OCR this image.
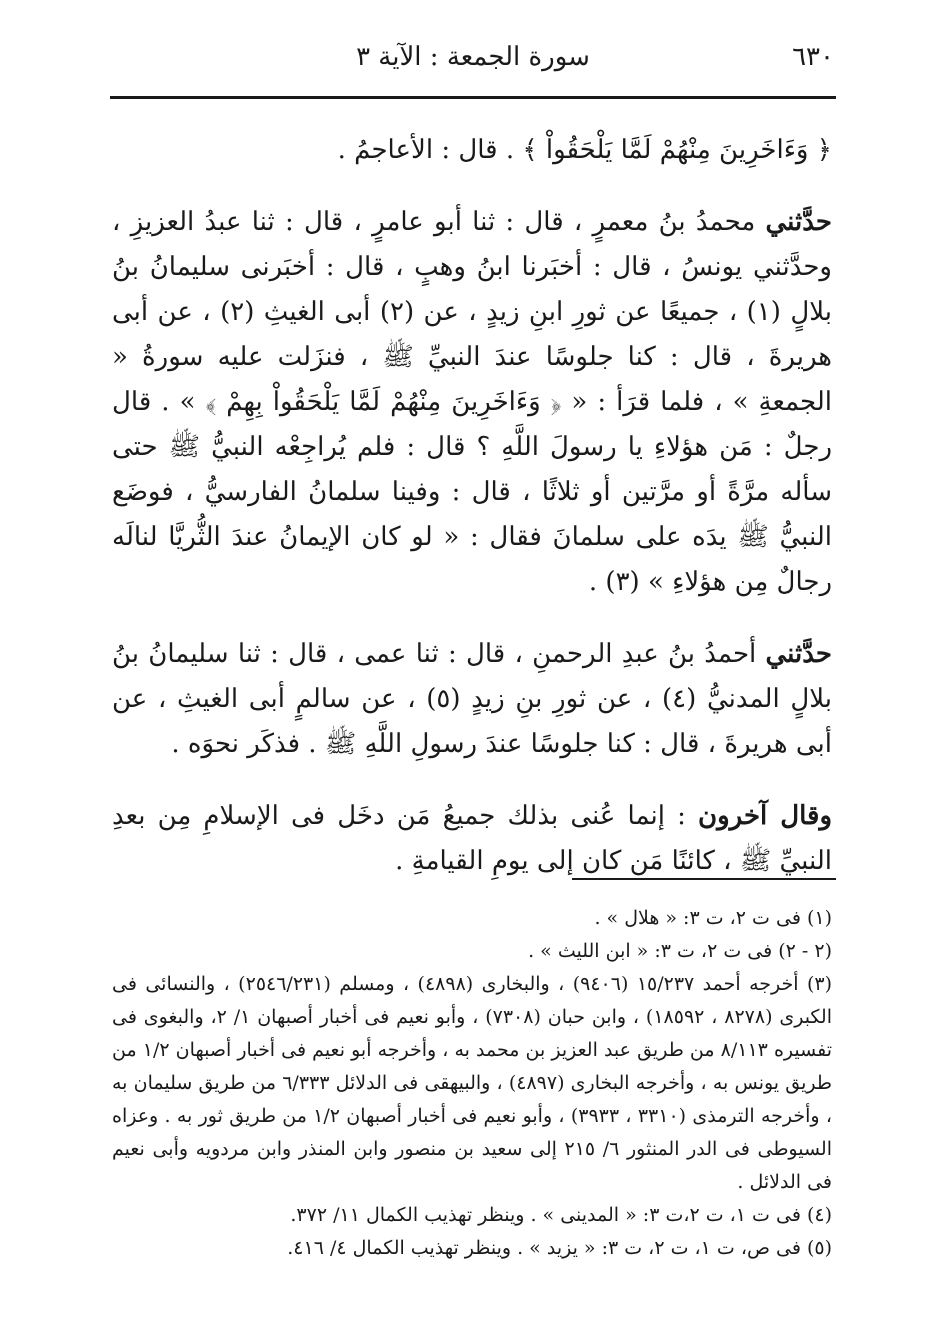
٦٣٠
سورة الجمعة : الآية ٣

﴿ وَءَاخَرِينَ مِنْهُمْ لَمَّا يَلْحَقُواْ ﴾ . قال : الأعاجمُ .

حدَّثني محمدُ بنُ معمرٍ ، قال : ثنا أبو عامرٍ ، قال : ثنا عبدُ العزيزِ ، وحدَّثني يونسُ ، قال : أخبَرنا ابنُ وهبٍ ، قال : أخبَرنى سليمانُ بنُ بلالٍ (١) ، جميعًا عن ثورِ ابنِ زيدٍ ، عن (٢) أبى الغيثِ (٢) ، عن أبى هريرةَ ، قال : كنا جلوسًا عندَ النبيِّ ﷺ ، فنزَلت عليه سورةُ « الجمعةِ » ، فلما قرَأ : « ﴿ وَءَاخَرِينَ مِنْهُمْ لَمَّا يَلْحَقُواْ بِهِمْ ﴾ » . قال رجلٌ : مَن هؤلاءِ يا رسولَ اللَّهِ ؟ قال : فلم يُراجِعْه النبيُّ ﷺ حتى سأله مرَّةً أو مرَّتين أو ثلاثًا ، قال : وفينا سلمانُ الفارسيُّ ، فوضَع النبيُّ ﷺ يدَه على سلمانَ فقال : « لو كان الإيمانُ عندَ الثُّريَّا لنالَه رجالٌ مِن هؤلاءِ » (٣) .

حدَّثني أحمدُ بنُ عبدِ الرحمنِ ، قال : ثنا عمى ، قال : ثنا سليمانُ بنُ بلالٍ المدنيُّ (٤) ، عن ثورِ بنِ زيدٍ (٥) ، عن سالمٍ أبى الغيثِ ، عن أبى هريرةَ ، قال : كنا جلوسًا عندَ رسولِ اللَّهِ ﷺ . فذكَر نحوَه .

وقال آخرون : إنما عُنى بذلك جميعُ مَن دخَل فى الإسلامِ مِن بعدِ النبيِّ ﷺ ، كائنًا مَن كان إلى يومِ القيامةِ .

(١) فى ت ٢، ت ٣: « هلال » .

(٢ - ٢) فى ت ٢، ت ٣: « ابن الليث » .

(٣) أخرجه أحمد ١٥/٢٣٧ (٩٤٠٦) ، والبخارى (٤٨٩٨) ، ومسلم (٢٥٤٦/٢٣١) ، والنسائى فى الكبرى (٨٢٧٨ ، ١٨٥٩٢) ، وابن حبان (٧٣٠٨) ، وأبو نعيم فى أخبار أصبهان ١/ ٢، والبغوى فى تفسيره ٨/١١٣ من طريق عبد العزيز بن محمد به ، وأخرجه أبو نعيم فى أخبار أصبهان ١/٢ من طريق يونس به ، وأخرجه البخارى (٤٨٩٧) ، والبيهقى فى الدلائل ٦/٣٣٣ من طريق سليمان به ، وأخرجه الترمذى (٣٣١٠ ، ٣٩٣٣) ، وأبو نعيم فى أخبار أصبهان ١/٢ من طريق ثور به . وعزاه السيوطى فى الدر المنثور ٦/ ٢١٥ إلى سعيد بن منصور وابن المنذر وابن مردويه وأبى نعيم فى الدلائل .

(٤) فى ت ١، ت ٢،ت ٣: « المدينى » . وينظر تهذيب الكمال ١١/ ٣٧٢.

(٥) فى ص، ت ١، ت ٢، ت ٣: « يزيد » . وينظر تهذيب الكمال ٤/ ٤١٦.
